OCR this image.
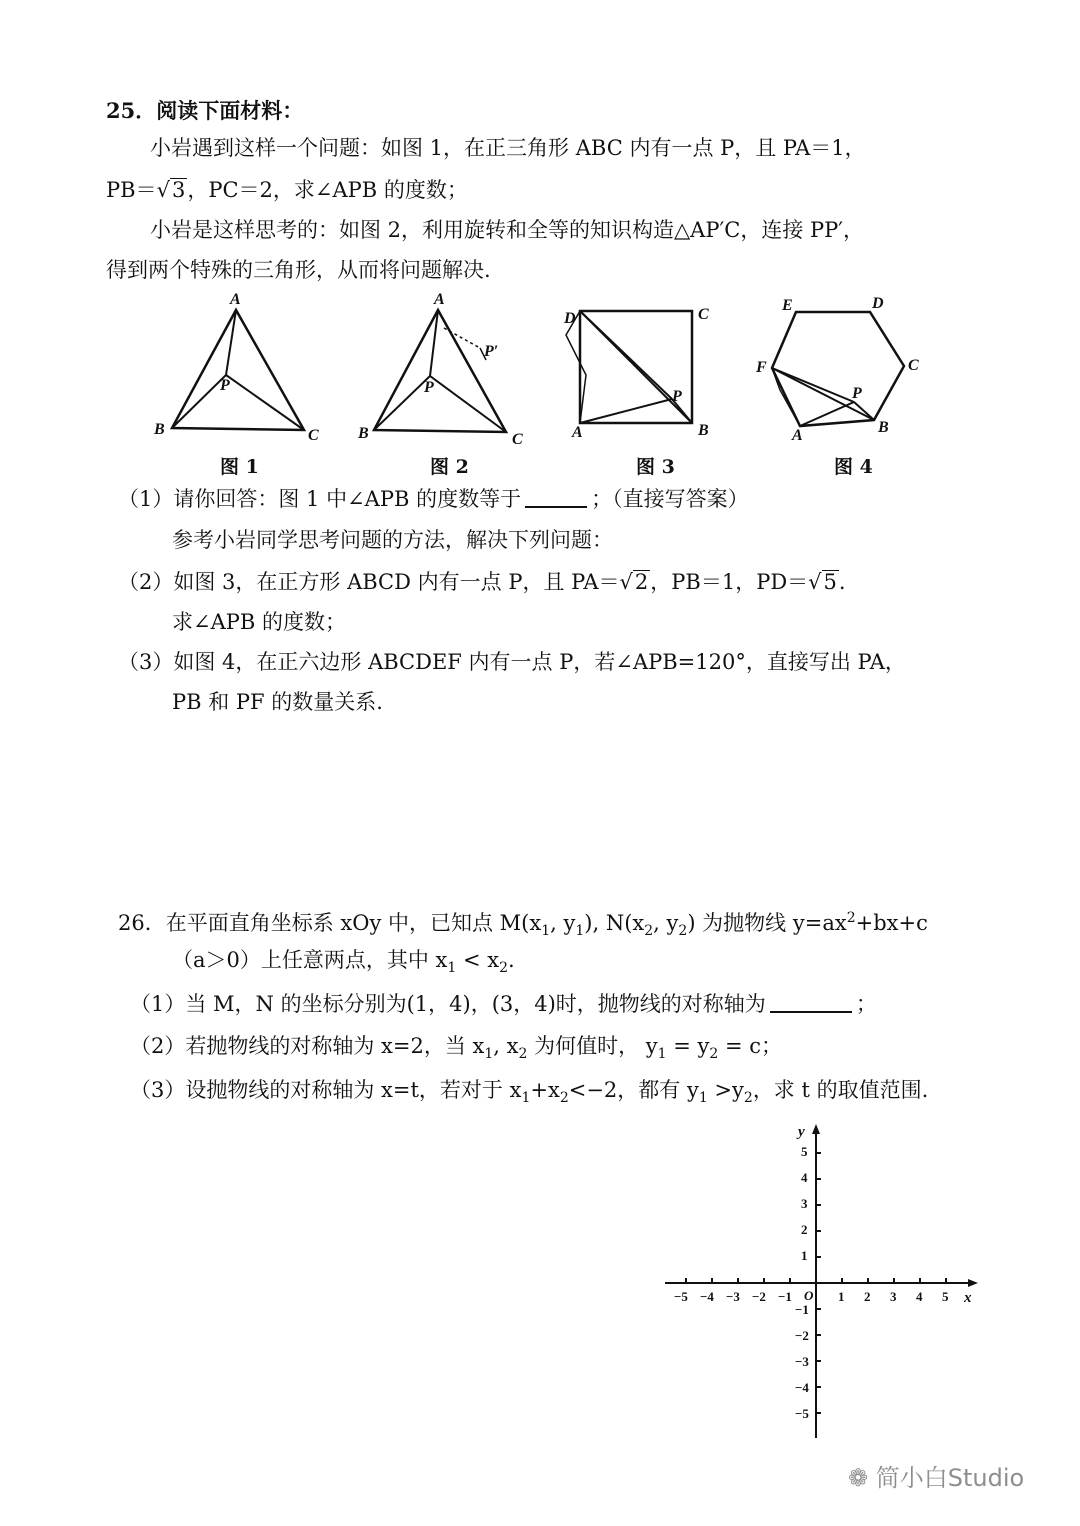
25．阅读下面材料：
小岩遇到这样一个问题：如图 1，在正三角形 ABC 内有一点 P，且 PA＝1，
PB＝√3，PC＝2，求∠APB 的度数；
小岩是这样思考的：如图 2，利用旋转和全等的知识构造△AP′C，连接 PP′，
得到两个特殊的三角形，从而将问题解决.
A
B	C
P
图 1
A
B	C
P
P′
图 2
D	C
A	B
P
图 3
E	D
C
F
A	B
P
图 4
（1）请你回答：图 1 中∠APB 的度数等于	；（直接写答案）
参考小岩同学思考问题的方法，解决下列问题：
（2）如图 3，在正方形 ABCD 内有一点 P，且 PA＝√2，PB＝1，PD＝√5.
求∠APB 的度数；
（3）如图 4，在正六边形 ABCDEF 内有一点 P，若∠APB=120°，直接写出 PA，
PB 和 PF 的数量关系.
26．在平面直角坐标系 xOy 中，已知点 $M(x_1$, $y_1$), $N(x_2$, $y_2$) 为抛物线 $y=ax^2+bx+c$
（a＞0）上任意两点，其中 $x_1 < x_2$.
（1）当 M，N 的坐标分别为(1，4)，(3，4)时，抛物线的对称轴为	；
（2）若抛物线的对称轴为 x=2，当 $x_1$, $x_2$ 为何值时， $y_1 = y_2 = c$；
（3）设抛物线的对称轴为 x=t，若对于 $x_1+x_2<-2$，都有 $y_1 >y_2$，求 t 的取值范围.
x
y
O 1 2 3 4 5
−5 −4 −3 −2 −1
5
4
3
2
1
−1
−2
−3
−4
−5
❁ 简小白Studio
